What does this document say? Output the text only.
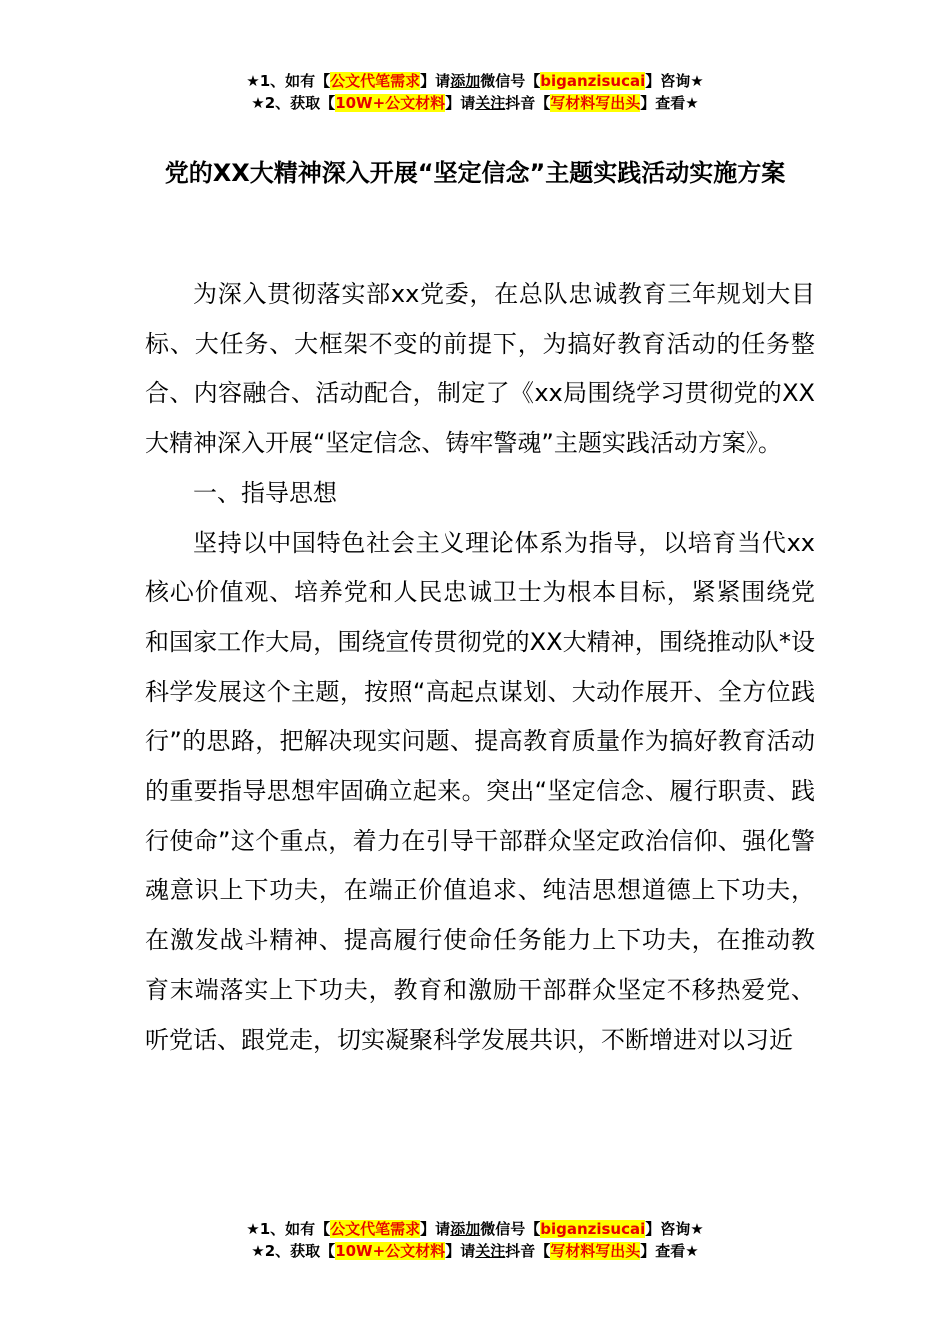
★1、如有【公文代笔需求】请添加微信号【biganzisucai】咨询★
★2、获取【10W+公文材料】请关注抖音【写材料写出头】查看★
党的XX大精神深入开展“坚定信念”主题实践活动实施方案

为深入贯彻落实部xx党委，在总队忠诚教育三年规划大目标、大任务、大框架不变的前提下，为搞好教育活动的任务整合、内容融合、活动配合，制定了《xx局围绕学习贯彻党的XX大精神深入开展“坚定信念、铸牢警魂”主题实践活动方案》。

一、指导思想

坚持以中国特色社会主义理论体系为指导，以培育当代xx核心价值观、培养党和人民忠诚卫士为根本目标，紧紧围绕党和国家工作大局，围绕宣传贯彻党的XX大精神，围绕推动队*设科学发展这个主题，按照“高起点谋划、大动作展开、全方位践行”的思路，把解决现实问题、提高教育质量作为搞好教育活动的重要指导思想牢固确立起来。突出“坚定信念、履行职责、践行使命”这个重点，着力在引导干部群众坚定政治信仰、强化警魂意识上下功夫，在端正价值追求、纯洁思想道德上下功夫，在激发战斗精神、提高履行使命任务能力上下功夫，在推动教育末端落实上下功夫，教育和激励干部群众坚定不移热爱党、听党话、跟党走，切实凝聚科学发展共识，不断增进对以习近

★1、如有【公文代笔需求】请添加微信号【biganzisucai】咨询★
★2、获取【10W+公文材料】请关注抖音【写材料写出头】查看★
